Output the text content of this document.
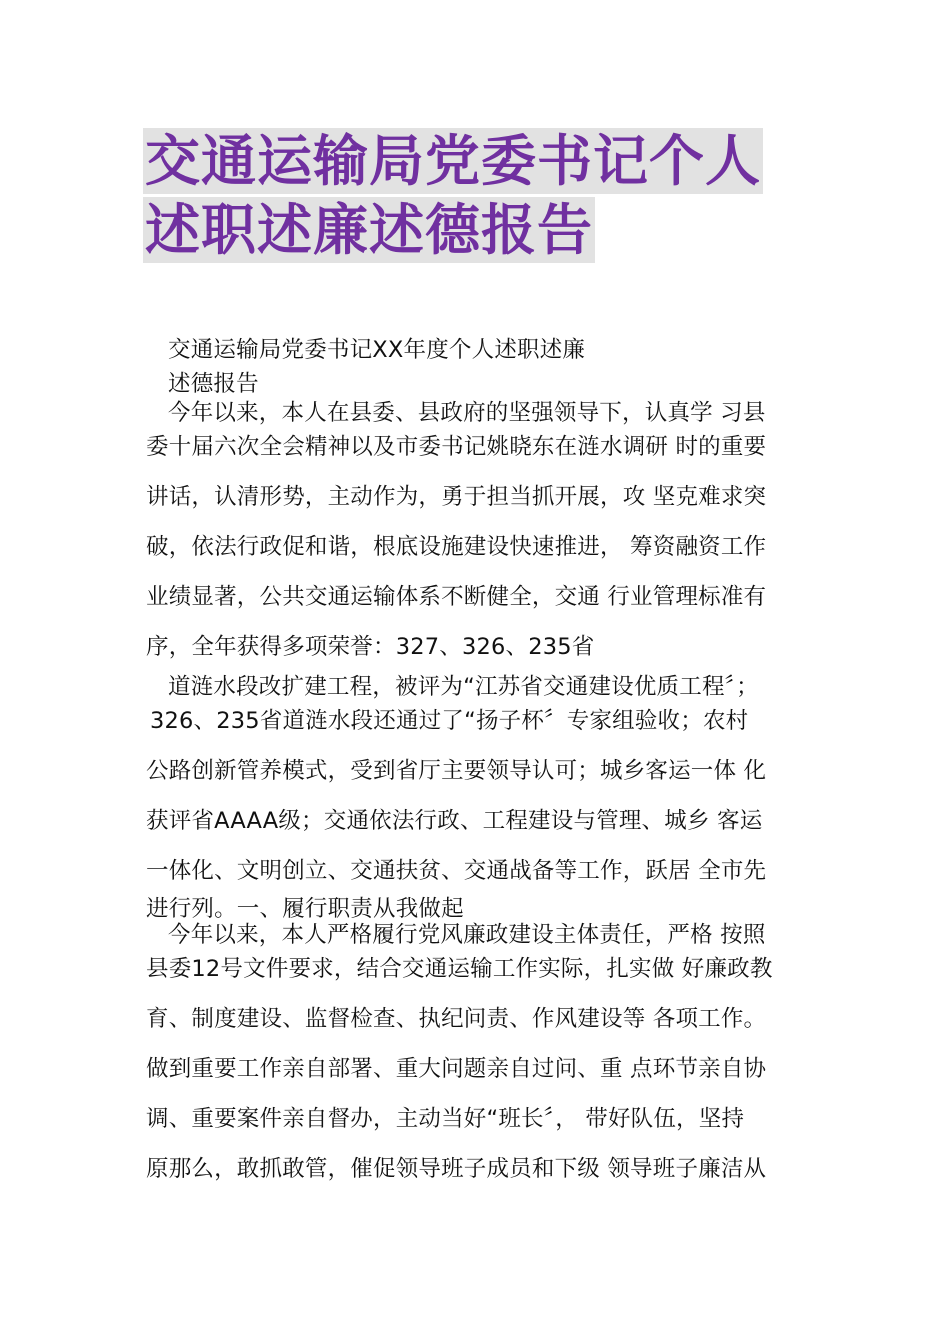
交通运输局党委书记个人
述职述廉述德报告
交通运输局党委书记XX年度个人述职述廉
述德报告
今年以来，本人在县委、县政府的坚强领导下，认真学 习县
委十届六次全会精神以及市委书记姚晓东在涟水调研 时的重要
讲话，认清形势，主动作为，勇于担当抓开展，攻 坚克难求突
破，依法行政促和谐，根底设施建设快速推进， 筹资融资工作
业绩显著，公共交通运输体系不断健全，交通 行业管理标准有
序，全年获得多项荣誉：327、326、235省
道涟水段改扩建工程，被评为“江苏省交通建设优质工程〞；
326、235省道涟水段还通过了“扬子杯〞专家组验收；农村
公路创新管养模式，受到省厅主要领导认可；城乡客运一体 化
获评省AAAA级；交通依法行政、工程建设与管理、城乡 客运
一体化、文明创立、交通扶贫、交通战备等工作，跃居 全市先
进行列。一、履行职责从我做起
今年以来，本人严格履行党风廉政建设主体责任，严格 按照
县委12号文件要求，结合交通运输工作实际，扎实做 好廉政教
育、制度建设、监督检查、执纪问责、作风建设等 各项工作。
做到重要工作亲自部署、重大问题亲自过问、重 点环节亲自协
调、重要案件亲自督办，主动当好“班长〞， 带好队伍，坚持
原那么，敢抓敢管，催促领导班子成员和下级 领导班子廉洁从
